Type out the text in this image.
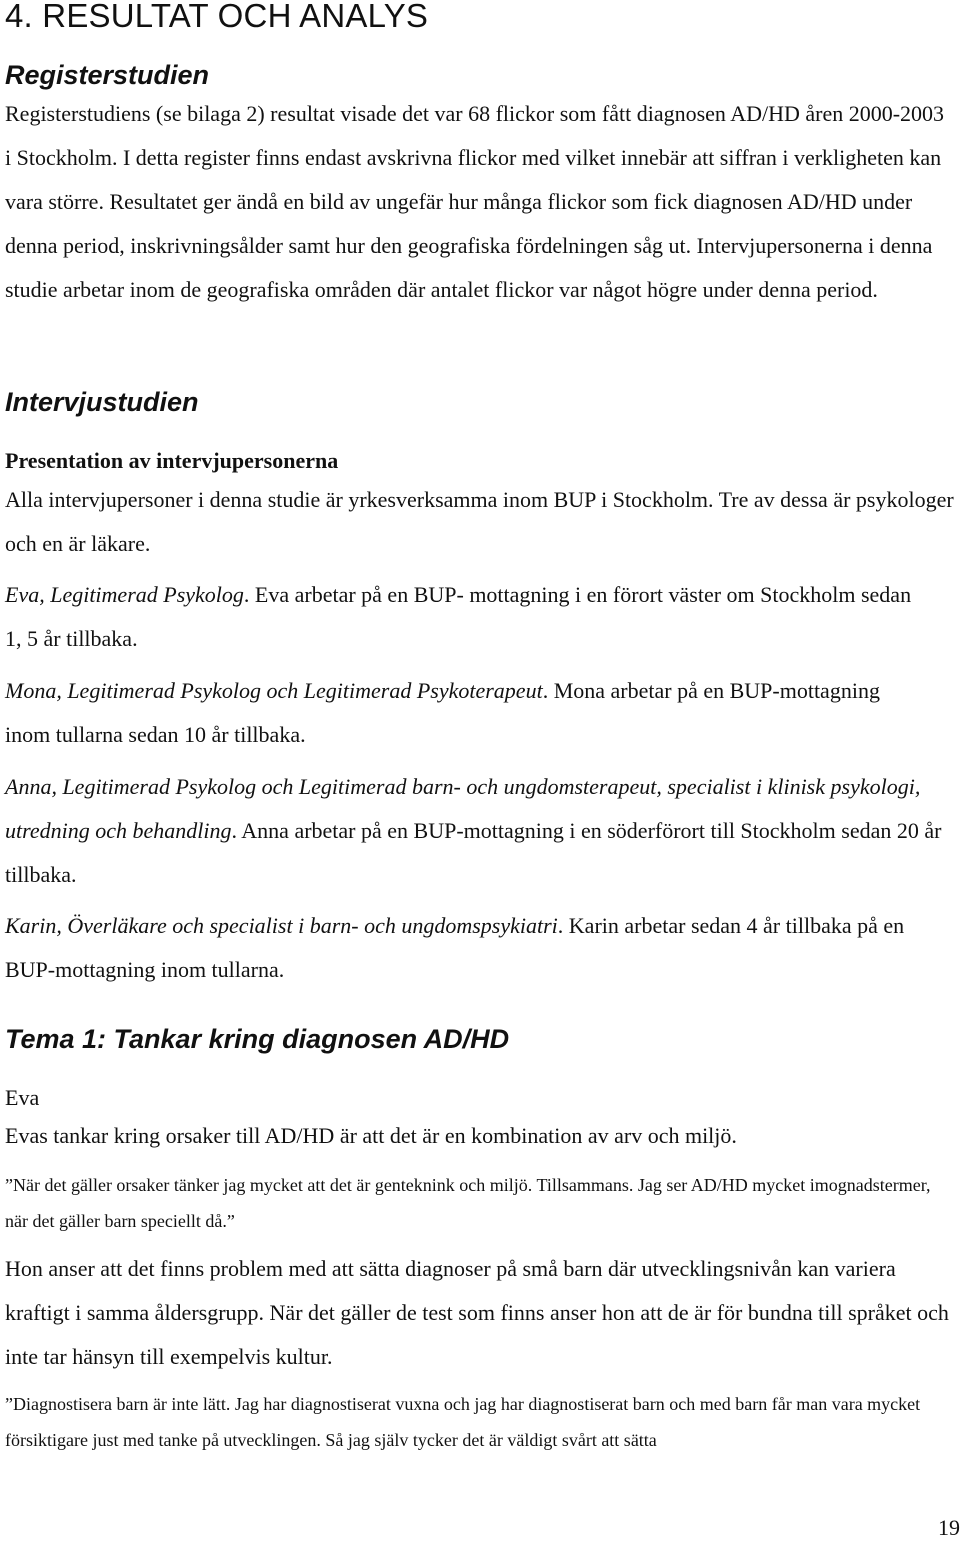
4. RESULTAT OCH ANALYS
Registerstudien

Registerstudiens (se bilaga 2) resultat visade det var 68 flickor som fått diagnosen AD/HD åren 2000-2003 i Stockholm. I detta register finns endast avskrivna flickor med vilket innebär att siffran i verkligheten kan vara större. Resultatet ger ändå en bild av ungefär hur många flickor som fick diagnosen AD/HD under denna period, inskrivningsålder samt hur den geografiska fördelningen såg ut. Intervjupersonerna i denna studie arbetar inom de geografiska områden där antalet flickor var något högre under denna period.

Intervjustudien
Presentation av intervjupersonerna

Alla intervjupersoner i denna studie är yrkesverksamma inom BUP i Stockholm. Tre av dessa är psykologer och en är läkare.

Eva, Legitimerad Psykolog. Eva arbetar på en BUP- mottagning i en förort väster om Stockholm sedan 1, 5 år tillbaka.

Mona, Legitimerad Psykolog och Legitimerad Psykoterapeut. Mona arbetar på en BUP-mottagning inom tullarna sedan 10 år tillbaka.

Anna, Legitimerad Psykolog och Legitimerad barn- och ungdomsterapeut, specialist i klinisk psykologi, utredning och behandling. Anna arbetar på en BUP-mottagning i en söderförort till Stockholm sedan 20 år tillbaka.

Karin, Överläkare och specialist i barn- och ungdomspsykiatri. Karin arbetar sedan 4 år tillbaka på en BUP-mottagning inom tullarna.

Tema 1: Tankar kring diagnosen AD/HD
Eva

Evas tankar kring orsaker till AD/HD är att det är en kombination av arv och miljö.

”När det gäller orsaker tänker jag mycket att det är genteknink och miljö. Tillsammans. Jag ser AD/HD mycket imognadstermer, när det gäller barn speciellt då.”

Hon anser att det finns problem med att sätta diagnoser på små barn där utvecklingsnivån kan variera kraftigt i samma åldersgrupp. När det gäller de test som finns anser hon att de är för bundna till språket och inte tar hänsyn till exempelvis kultur.

”Diagnostisera barn är inte lätt. Jag har diagnostiserat vuxna och jag har diagnostiserat barn och med barn får man vara mycket försiktigare just med tanke på utvecklingen. Så jag själv tycker det är väldigt svårt att sätta

19
